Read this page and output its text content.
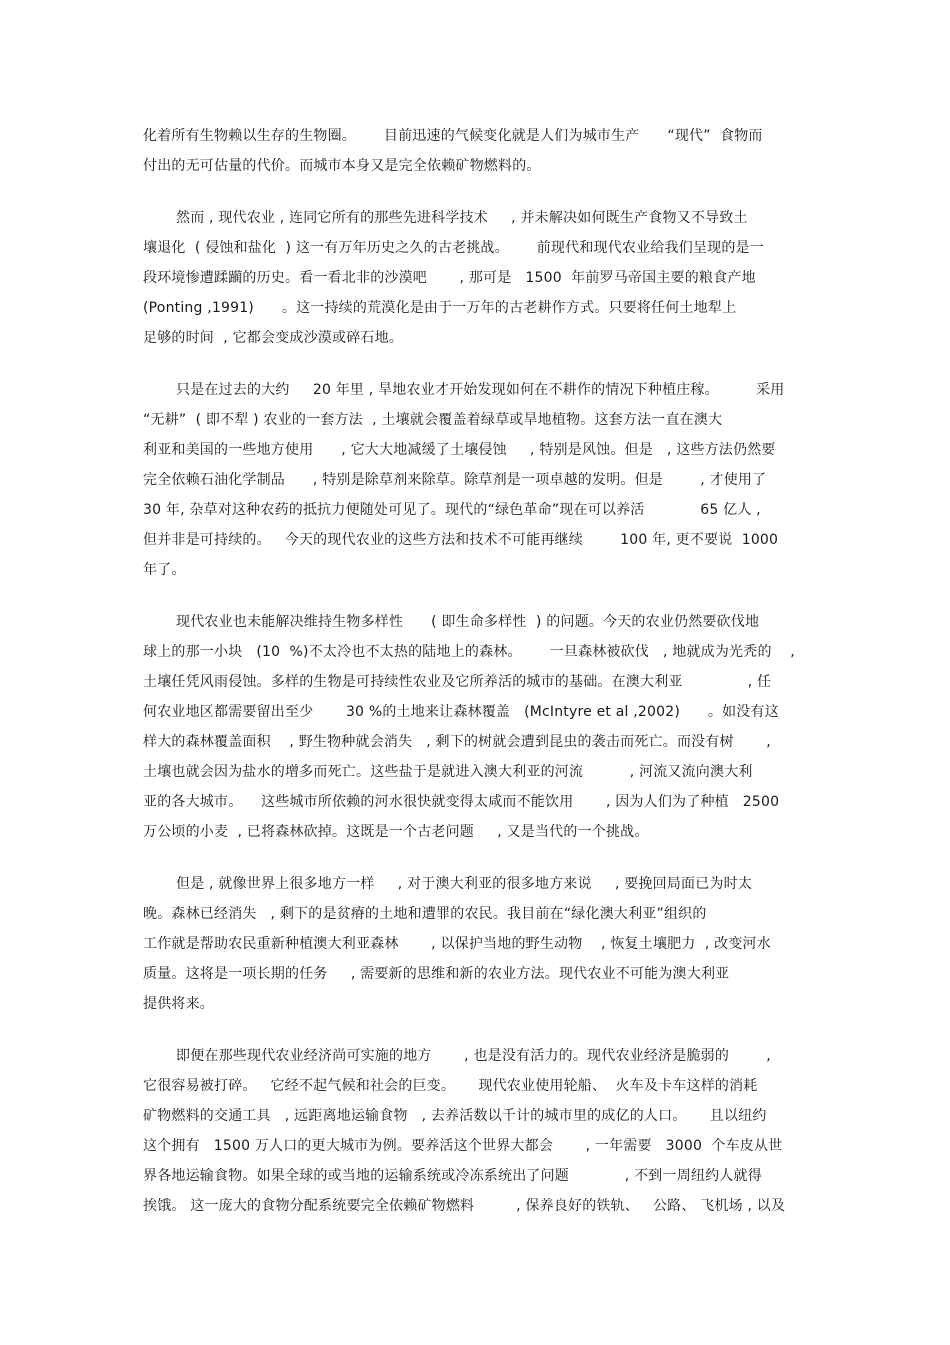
化着所有生物赖以生存的生物圈。      目前迅速的气候变化就是人们为城市生产      “现代”  食物而
付出的无可估量的代价。而城市本身又是完全依赖矿物燃料的。
然而 , 现代农业 , 连同它所有的那些先进科学技术     , 并未解决如何既生产食物又不导致土
壤退化  ( 侵蚀和盐化  ) 这一有万年历史之久的古老挑战。      前现代和现代农业给我们呈现的是一
段环境惨遭蹂躏的历史。看一看北非的沙漠吧       , 那可是   1500  年前罗马帝国主要的粮食产地
(Ponting ,1991)      。这一持续的荒漠化是由于一万年的古老耕作方式。只要将任何土地犁上
足够的时间  , 它都会变成沙漠或碎石地。
只是在过去的大约     20 年里 , 旱地农业才开始发现如何在不耕作的情况下种植庄稼。        采用
“无耕”  ( 即不犁 ) 农业的一套方法  , 土壤就会覆盖着绿草或旱地植物。这套方法一直在澳大
利亚和美国的一些地方使用      , 它大大地减缓了土壤侵蚀     , 特别是风蚀。但是   , 这些方法仍然要
完全依赖石油化学制品      , 特别是除草剂来除草。除草剂是一项卓越的发明。但是        , 才使用了
30 年, 杂草对这种农药的抵抗力便随处可见了。现代的“绿色革命”现在可以养活            65 亿人 ,
但并非是可持续的。   今天的现代农业的这些方法和技术不可能再继续        100 年, 更不要说  1000
年了。
现代农业也未能解决维持生物多样性      ( 即生命多样性  ) 的问题。今天的农业仍然要砍伐地
球上的那一小块   (10  %)不太冷也不太热的陆地上的森林。      一旦森林被砍伐   , 地就成为光秃的    ,
土壤任凭风雨侵蚀。多样的生物是可持续性农业及它所养活的城市的基础。在澳大利亚              , 任
何农业地区都需要留出至少       30 %的土地来让森林覆盖   (McIntyre et al ,2002)      。如没有这
样大的森林覆盖面积    , 野生物种就会消失   , 剩下的树就会遭到昆虫的袭击而死亡。而没有树       ,
土壤也就会因为盐水的增多而死亡。这些盐于是就进入澳大利亚的河流          , 河流又流向澳大利
亚的各大城市。    这些城市所依赖的河水很快就变得太咸而不能饮用       , 因为人们为了种植   2500
万公顷的小麦  , 已将森林砍掉。这既是一个古老问题     , 又是当代的一个挑战。
但是 , 就像世界上很多地方一样     , 对于澳大利亚的很多地方来说     , 要挽回局面已为时太
晚。森林已经消失   , 剩下的是贫瘠的土地和遭罪的农民。我目前在“绿化澳大利亚”组织的
工作就是帮助农民重新种植澳大利亚森林       , 以保护当地的野生动物    , 恢复土壤肥力  , 改变河水
质量。这将是一项长期的任务     , 需要新的思维和新的农业方法。现代农业不可能为澳大利亚
提供将来。
即便在那些现代农业经济尚可实施的地方       , 也是没有活力的。现代农业经济是脆弱的        ,
它很容易被打碎。   它经不起气候和社会的巨变。     现代农业使用轮船、  火车及卡车这样的消耗
矿物燃料的交通工具   , 远距离地运输食物   , 去养活数以千计的城市里的成亿的人口。     且以纽约
这个拥有   1500 万人口的更大城市为例。要养活这个世界大都会       , 一年需要   3000  个车皮从世
界各地运输食物。如果全球的或当地的运输系统或冷冻系统出了问题            , 不到一周纽约人就得
挨饿。 这一庞大的食物分配系统要完全依赖矿物燃料         , 保养良好的铁轨、   公路、 飞机场 , 以及
